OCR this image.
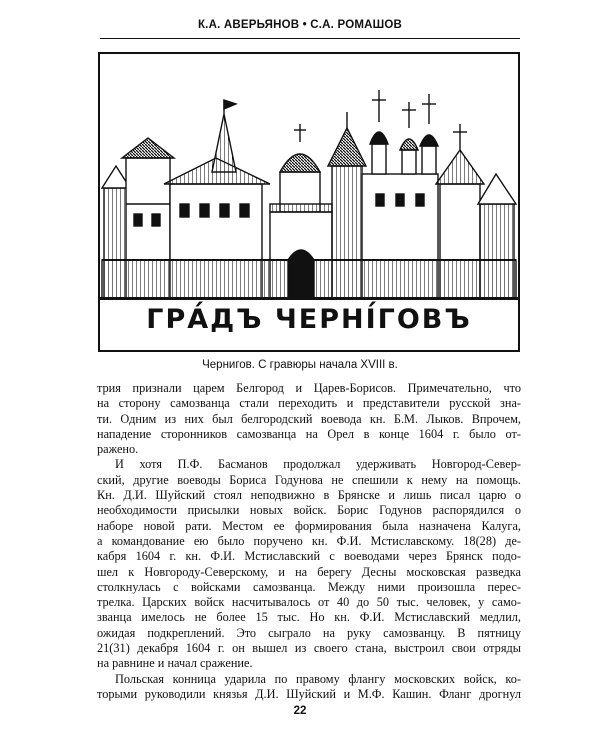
К.А. АВЕРЬЯНОВ • С.А. РОМАШОВ
ГРА́ДЪ ЧЕРНІ́ГОВЪ
Чернигов. С гравюры начала XVIII в.

трия признали царем Белгород и Царев-Борисов. Примечательно, что
на сторону самозванца стали переходить и представители русской зна-
ти. Одним из них был белгородский воевода кн. Б.М. Лыков. Впрочем,
нападение сторонников самозванца на Орел в конце 1604 г. было от-
ражено.

И хотя П.Ф. Басманов продолжал удерживать Новгород-Север-
ский, другие воеводы Бориса Годунова не спешили к нему на помощь.
Кн. Д.И. Шуйский стоял неподвижно в Брянске и лишь писал царю о
необходимости присылки новых войск. Борис Годунов распорядился о
наборе новой рати. Местом ее формирования была назначена Калуга,
а командование ею было поручено кн. Ф.И. Мстиславскому. 18(28) де-
кабря 1604 г. кн. Ф.И. Мстиславский с воеводами через Брянск подо-
шел к Новгороду-Северскому, и на берегу Десны московская разведка
столкнулась с войсками самозванца. Между ними произошла перес-
трелка. Царских войск насчитывалось от 40 до 50 тыс. человек, у само-
званца имелось не более 15 тыс. Но кн. Ф.И. Мстиславский медлил,
ожидая подкреплений. Это сыграло на руку самозванцу. В пятницу
21(31) декабря 1604 г. он вышел из своего стана, выстроил свои отряды
на равнине и начал сражение.

Польская конница ударила по правому флангу московских войск, ко-
торыми руководили князья Д.И. Шуйский и М.Ф. Кашин. Фланг дрогнул

22
